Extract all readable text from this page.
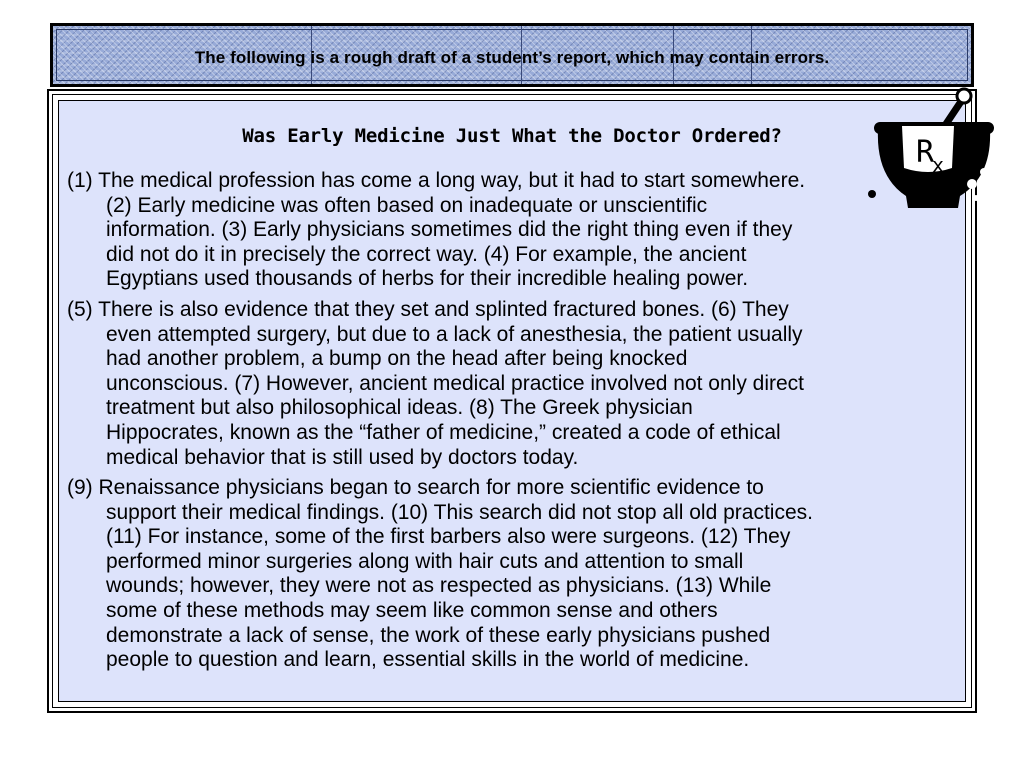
The following is a rough draft of a student’s report, which may contain errors.
Was Early Medicine Just What the Doctor Ordered?
(1) The medical profession has come a long way, but it had to start somewhere.
(2) Early medicine was often based on inadequate or unscientific
information. (3) Early physicians sometimes did the right thing even if they
did not do it in precisely the correct way. (4) For example, the ancient
Egyptians used thousands of herbs for their incredible healing power.
(5) There is also evidence that they set and splinted fractured bones. (6) They
even attempted surgery, but due to a lack of anesthesia, the patient usually
had another problem, a bump on the head after being knocked
unconscious. (7) However, ancient medical practice involved not only direct
treatment but also philosophical ideas. (8) The Greek physician
Hippocrates, known as the “father of medicine,” created a code of ethical
medical behavior that is still used by doctors today.
(9) Renaissance physicians began to search for more scientific evidence to
support their medical findings. (10) This search did not stop all old practices.
(11) For instance, some of the first barbers also were surgeons. (12) They
performed minor surgeries along with hair cuts and attention to small
wounds; however, they were not as respected as physicians. (13) While
some of these methods may seem like common sense and others
demonstrate a lack of sense, the work of these early physicians pushed
people to question and learn, essential skills in the world of medicine.
R
x
